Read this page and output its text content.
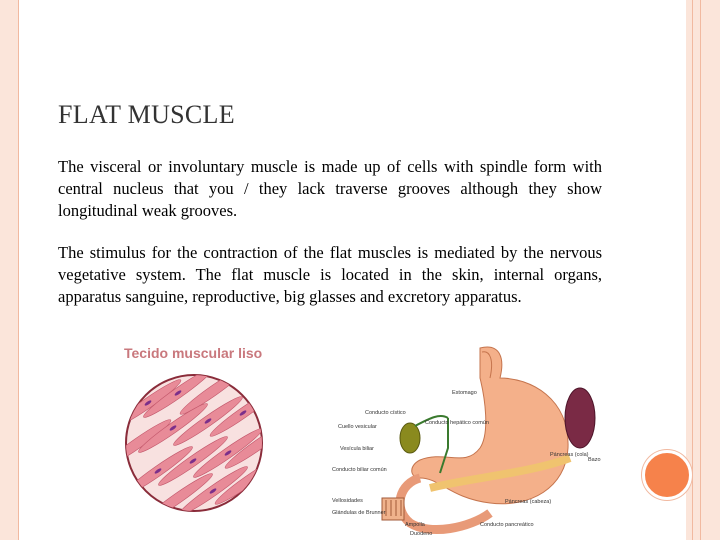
FLAT MUSCLE

The visceral or involuntary muscle is made up of cells with spindle form with central nucleus that you / they lack traverse grooves although they show longitudinal weak grooves.

The stimulus for the contraction of the flat muscles is mediated by the nervous vegetative system. The flat muscle is located in the skin, internal organs, apparatus sanguine, reproductive, big glasses and excretory apparatus.

Tecido muscular liso
Estomago
Conducto cístico
Conducto hepático común
Cuello vesicular
Vesícula biliar
Conducto biliar común
Páncreas (cola)
Bazo
Vellosidades
Glándulas de Brunner
Páncreas (cabeza)
Ampolla	Conducto pancreático
Duodeno
